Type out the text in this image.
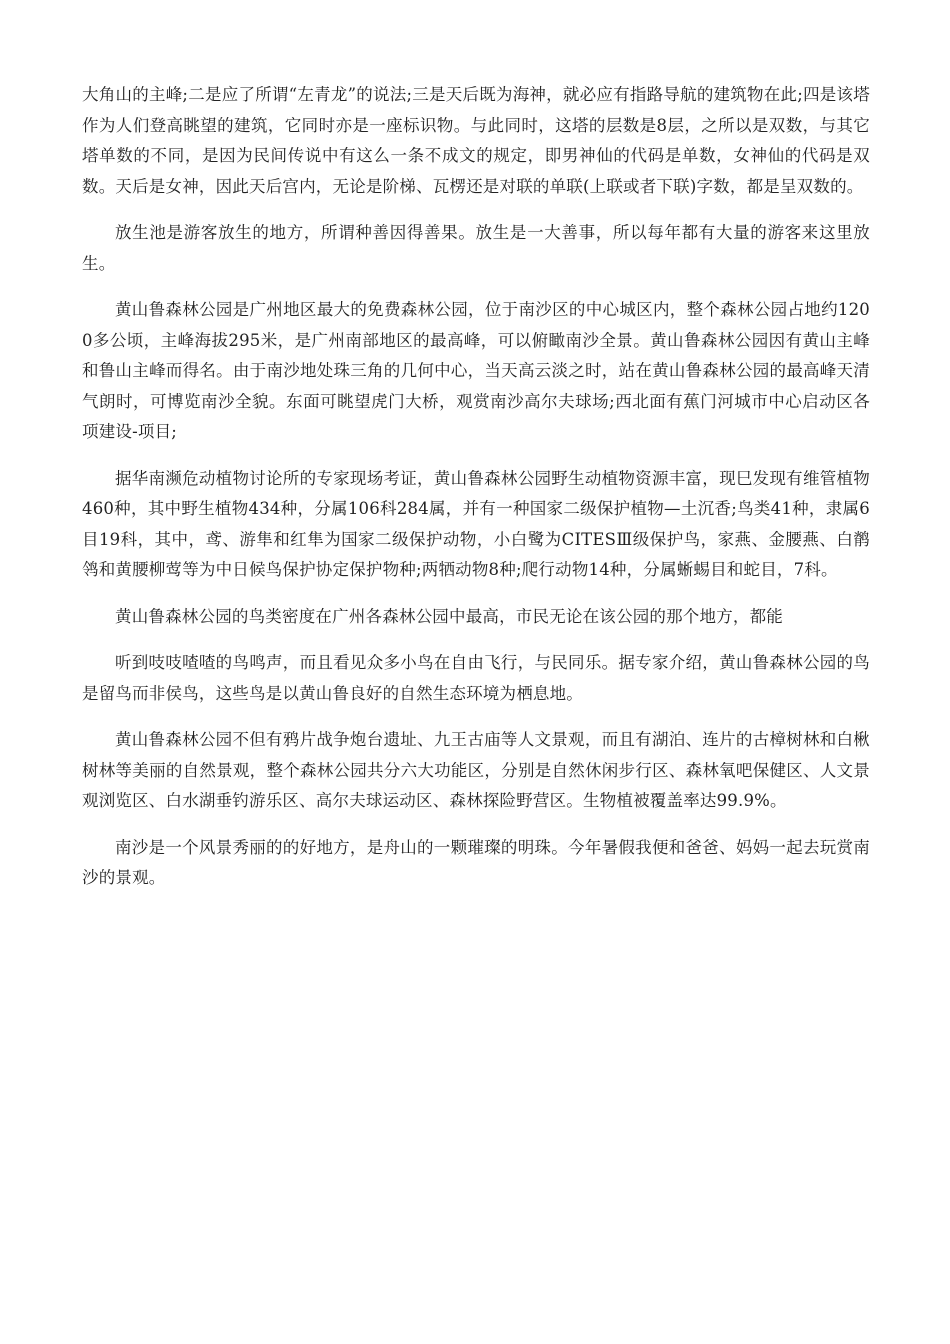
大角山的主峰;二是应了所谓“左青龙”的说法;三是天后既为海神，就必应有指路导航的建筑物在此;四是该塔作为人们登高眺望的建筑，它同时亦是一座标识物。与此同时，这塔的层数是8层，之所以是双数，与其它塔单数的不同，是因为民间传说中有这么一条不成文的规定，即男神仙的代码是单数，女神仙的代码是双数。天后是女神，因此天后宫内，无论是阶梯、瓦楞还是对联的单联(上联或者下联)字数，都是呈双数的。

放生池是游客放生的地方，所谓种善因得善果。放生是一大善事，所以每年都有大量的游客来这里放生。

黄山鲁森林公园是广州地区最大的免费森林公园，位于南沙区的中心城区内，整个森林公园占地约1200多公顷，主峰海拔295米，是广州南部地区的最高峰，可以俯瞰南沙全景。黄山鲁森林公园因有黄山主峰和鲁山主峰而得名。由于南沙地处珠三角的几何中心，当天高云淡之时，站在黄山鲁森林公园的最高峰天清气朗时，可博览南沙全貌。东面可眺望虎门大桥，观赏南沙高尔夫球场;西北面有蕉门河城市中心启动区各项建设-项目;

据华南濒危动植物讨论所的专家现场考证，黄山鲁森林公园野生动植物资源丰富，现巳发现有维管植物460种，其中野生植物434种，分属106科284属，并有一种国家二级保护植物—土沉香;鸟类41种，隶属6目19科，其中，鸢、游隼和红隼为国家二级保护动物，小白鹭为CITESⅢ级保护鸟，家燕、金腰燕、白鹡鸰和黄腰柳莺等为中日候鸟保护协定保护物种;两牺动物8种;爬行动物14种，分属蜥蜴目和蛇目，7科。

黄山鲁森林公园的鸟类密度在广州各森林公园中最高，市民无论在该公园的那个地方，都能

听到吱吱喳喳的鸟鸣声，而且看见众多小鸟在自由飞行，与民同乐。据专家介绍，黄山鲁森林公园的鸟是留鸟而非侯鸟，这些鸟是以黄山鲁良好的自然生态环境为栖息地。

黄山鲁森林公园不但有鸦片战争炮台遗址、九王古庙等人文景观，而且有湖泊、连片的古樟树林和白楸树林等美丽的自然景观，整个森林公园共分六大功能区，分别是自然休闲步行区、森林氧吧保健区、人文景观浏览区、白水湖垂钓游乐区、高尔夫球运动区、森林探险野营区。生物植被覆盖率达99.9%。

南沙是一个风景秀丽的的好地方，是舟山的一颗璀璨的明珠。今年暑假我便和爸爸、妈妈一起去玩赏南沙的景观。
